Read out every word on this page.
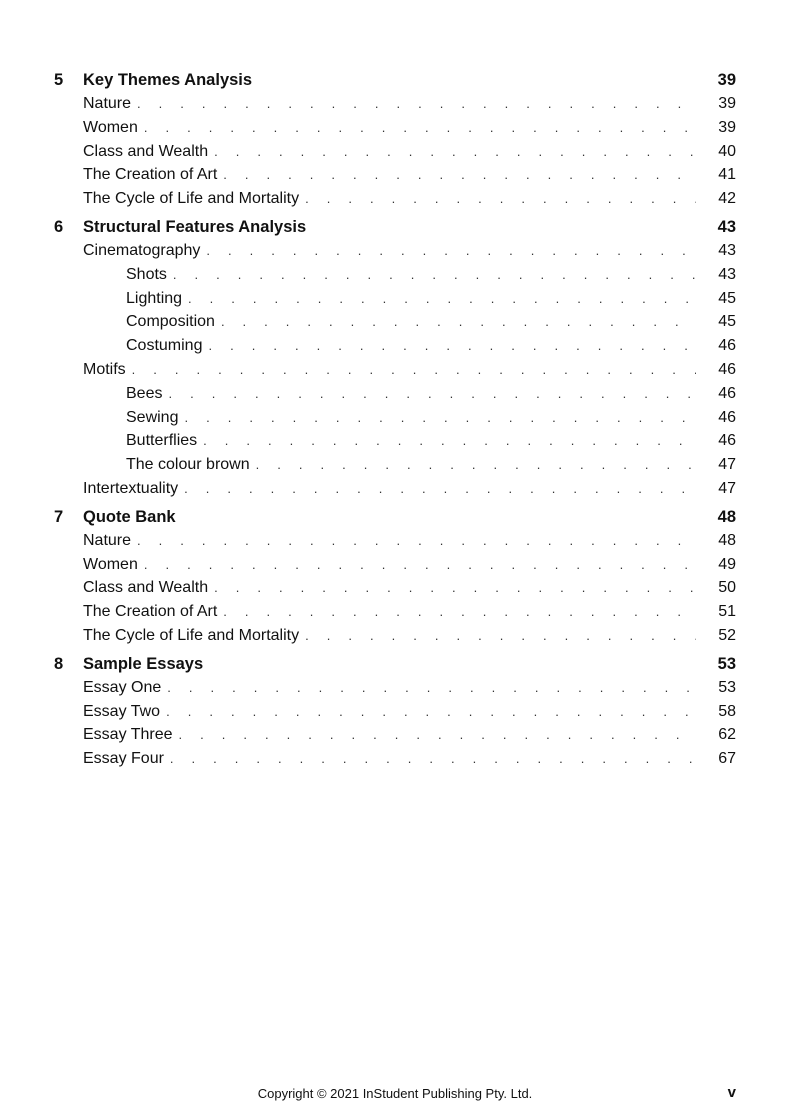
5	Key Themes Analysis	39
Nature . . .	39
Women . . .	39
Class and Wealth . . .	40
The Creation of Art . . .	41
The Cycle of Life and Mortality . . .	42
6	Structural Features Analysis	43
Cinematography . . .	43
Shots . . .	43
Lighting . . .	45
Composition . . .	45
Costuming . . .	46
Motifs . . .	46
Bees . . .	46
Sewing . . .	46
Butterflies . . .	46
The colour brown . . .	47
Intertextuality . . .	47
7	Quote Bank	48
Nature . . .	48
Women . . .	49
Class and Wealth . . .	50
The Creation of Art . . .	51
The Cycle of Life and Mortality . . .	52
8	Sample Essays	53
Essay One . . .	53
Essay Two . . .	58
Essay Three . . .	62
Essay Four . . .	67
Copyright © 2021 InStudent Publishing Pty. Ltd.	v
